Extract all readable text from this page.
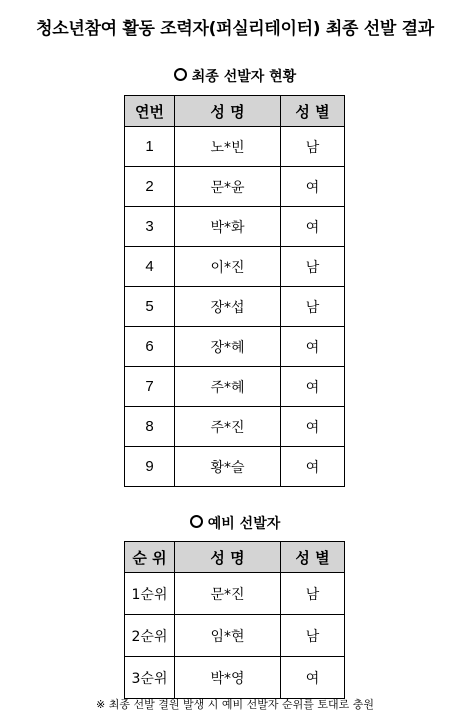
청소년참여 활동 조력자(퍼실리테이터) 최종 선발 결과
최종 선발자 현황
연번	성 명	성 별
1	노*빈	남
2	문*윤	여
3	박*화	여
4	이*진	남
5	장*섭	남
6	장*혜	여
7	주*혜	여
8	주*진	여
9	황*슬	여
예비 선발자
순 위	성 명	성 별
1순위	문*진	남
2순위	임*현	남
3순위	박*영	여
※ 최종 선발 결원 발생 시 예비 선발자 순위를 토대로 충원
